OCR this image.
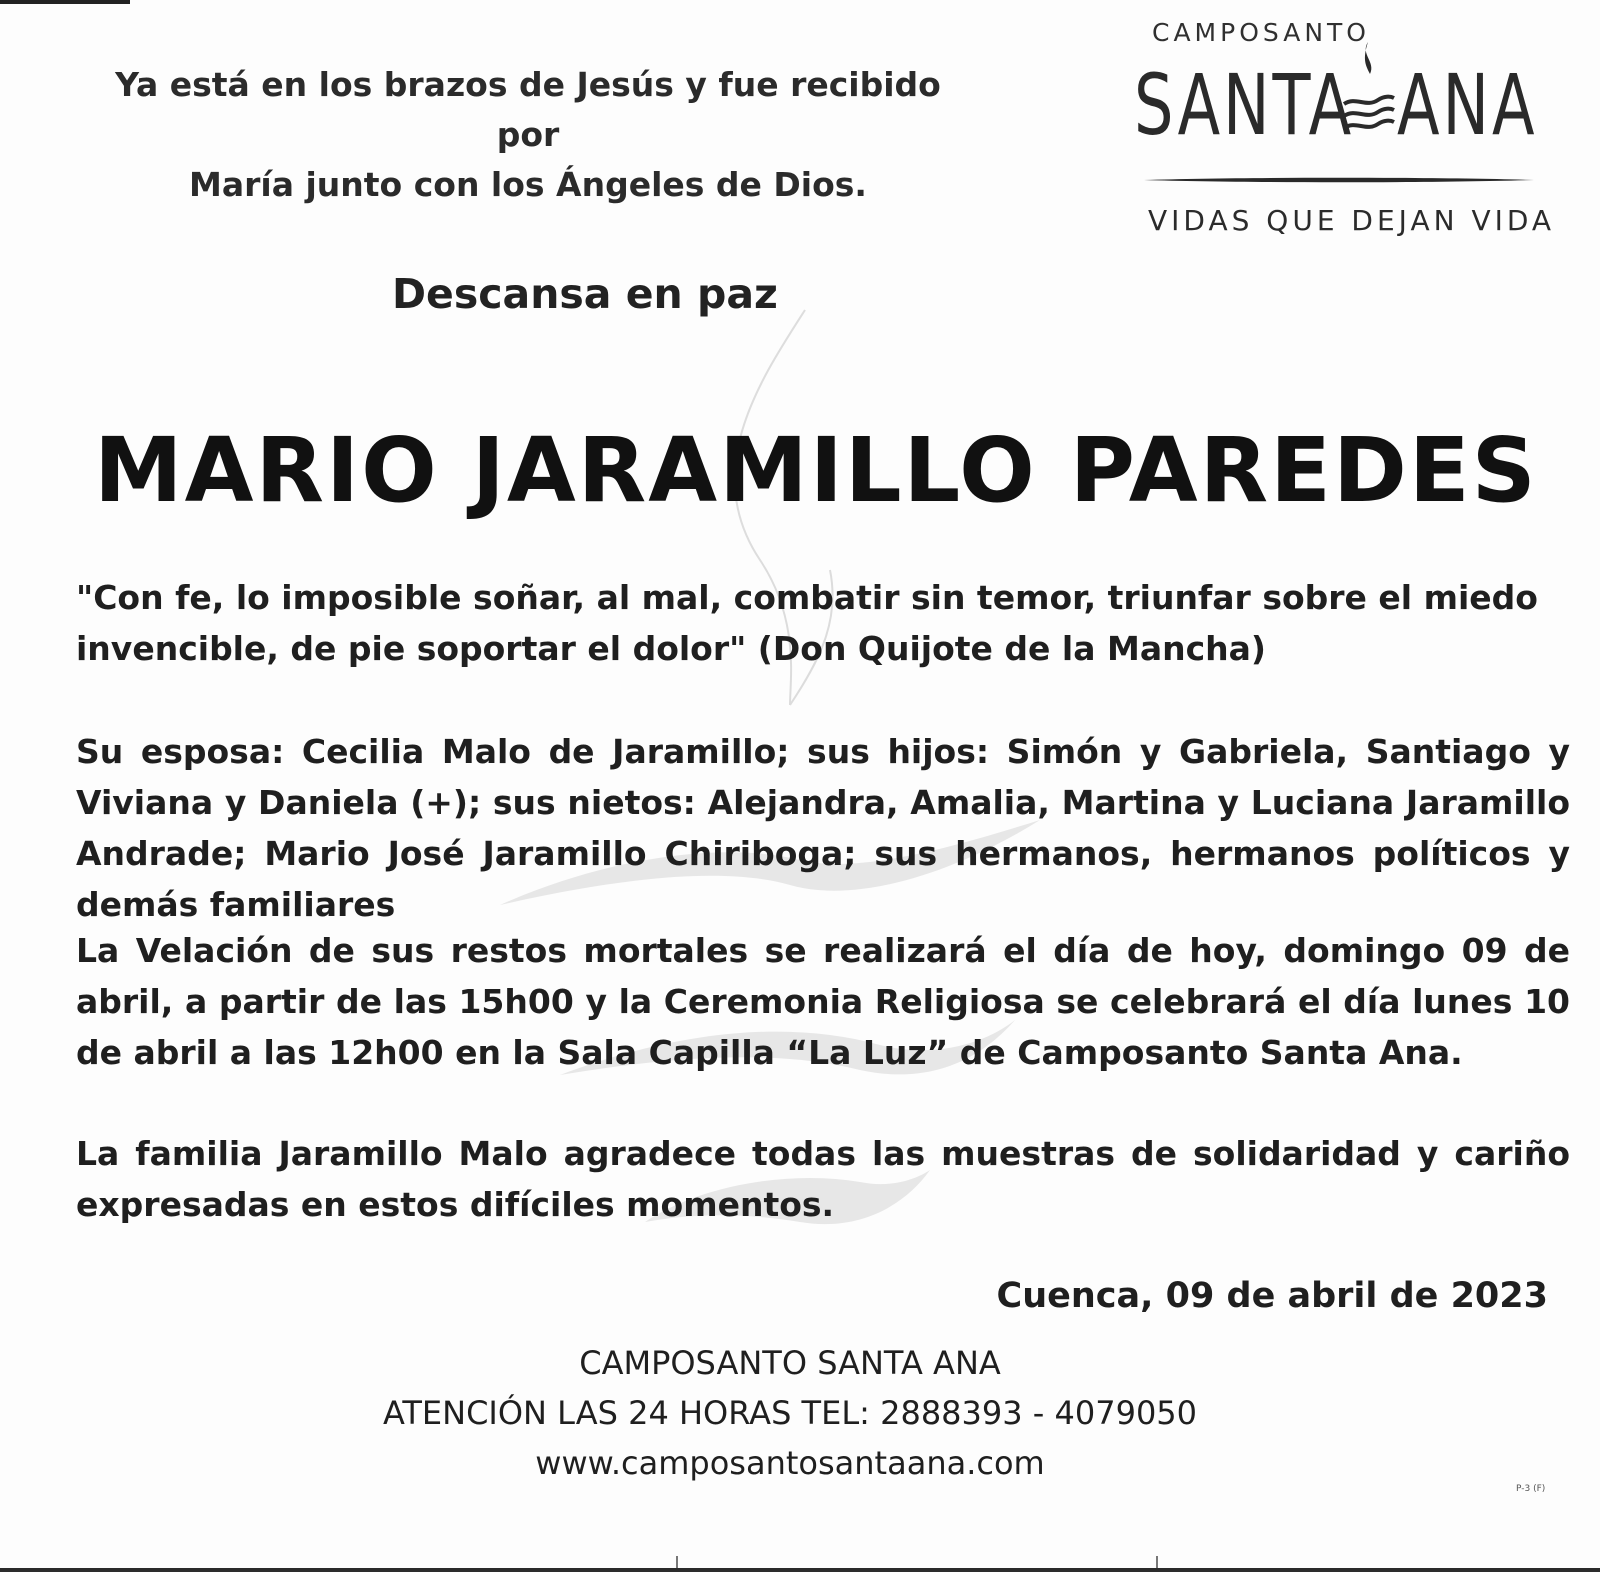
Ya está en los brazos de Jesús y fue recibido por
María junto con los Ángeles de Dios.
CAMPOSANTO
SANTA ANA
VIDAS QUE DEJAN VIDA
Descansa en paz
MARIO JARAMILLO PAREDES

"Con fe, lo imposible soñar, al mal, combatir sin temor, triunfar sobre el miedo invencible, de pie soportar el dolor" (Don Quijote de la Mancha)

Su esposa: Cecilia Malo de Jaramillo; sus hijos: Simón y Gabriela, Santiago y Viviana y Daniela (+); sus nietos: Alejandra, Amalia, Martina y Luciana Jaramillo Andrade; Mario José Jaramillo Chiriboga; sus hermanos, hermanos políticos y demás familiares

La Velación de sus restos mortales se realizará el día de hoy, domingo 09 de abril, a partir de las 15h00 y la Ceremonia Religiosa se celebrará el día lunes 10 de abril a las 12h00 en la Sala Capilla “La Luz” de Camposanto Santa Ana.

La familia Jaramillo Malo agradece todas las muestras de solidaridad y cariño expresadas en estos difíciles momentos.

Cuenca, 09 de abril de 2023
CAMPOSANTO SANTA ANA
ATENCIÓN LAS 24 HORAS TEL: 2888393 - 4079050
www.camposantosantaana.com
P-3 (F)
